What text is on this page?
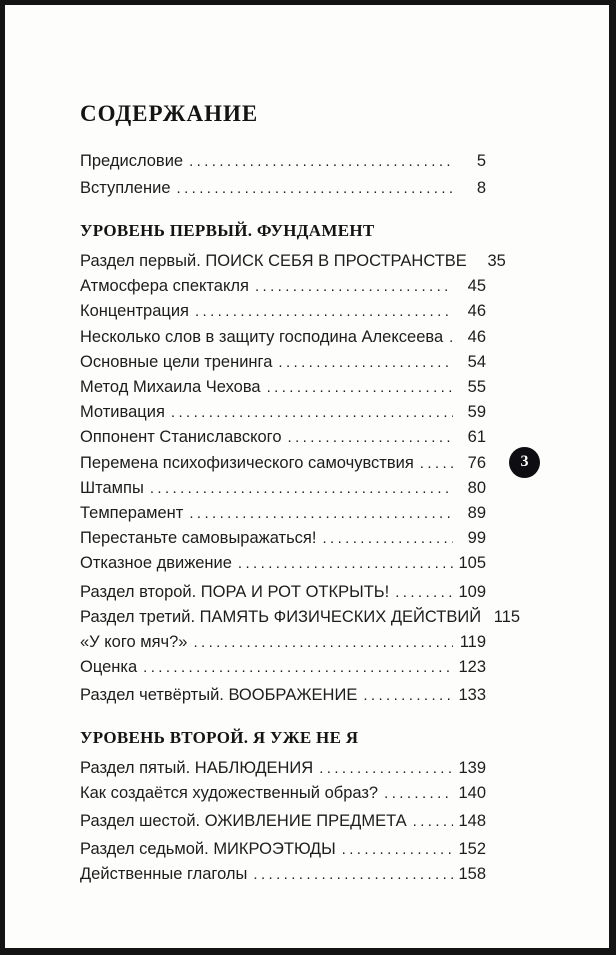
СОДЕРЖАНИЕ
Предисловие .....	5
Вступление .....	8
УРОВЕНЬ ПЕРВЫЙ. ФУНДАМЕНТ
Раздел первый. ПОИСК СЕБЯ В ПРОСТРАНСТВЕ	35
Атмосфера спектакля .....	45
Концентрация .....	46
Несколько слов в защиту господина Алексеева .....	46
Основные цели тренинга .....	54
Метод Михаила Чехова .....	55
Мотивация .....	59
Оппонент Станиславского .....	61
Перемена психофизического самочувствия .....	76
Штампы .....	80
Темперамент .....	89
Перестаньте самовыражаться! .....	99
Отказное движение .....	105
Раздел второй. ПОРА И РОТ ОТКРЫТЬ! .....	109
Раздел третий. ПАМЯТЬ ФИЗИЧЕСКИХ ДЕЙСТВИЙ 115
«У кого мяч?» .....	119
Оценка .....	123
Раздел четвёртый. ВООБРАЖЕНИЕ .....	133
УРОВЕНЬ ВТОРОЙ. Я УЖЕ НЕ Я
Раздел пятый. НАБЛЮДЕНИЯ .....	139
Как создаётся художественный образ? .....	140
Раздел шестой. ОЖИВЛЕНИЕ ПРЕДМЕТА .....	148
Раздел седьмой. МИКРОЭТЮДЫ .....	152
Действенные глаголы .....	158
3
